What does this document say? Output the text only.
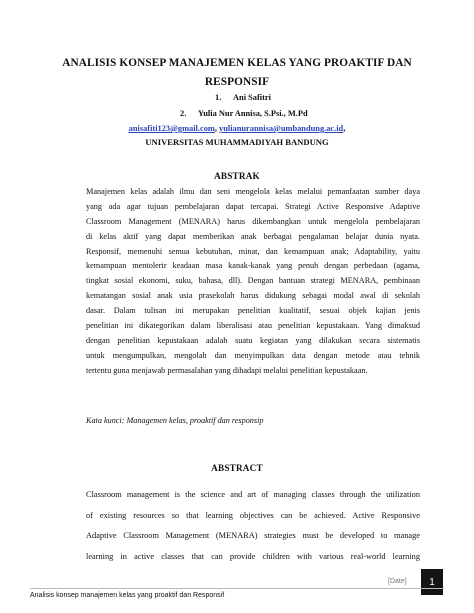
ANALISIS KONSEP MANAJEMEN KELAS YANG PROAKTIF DAN
RESPONSIF
1. Ani Safitri
2. Yulia Nur Annisa, S.Psi., M.Pd
anisafiti123@gmail.com, yulianurannisa@umbandung.ac.id,
UNIVERSITAS MUHAMMADIYAH BANDUNG
ABSTRAK
Manajemen kelas adalah ilmu dan seni mengelola kelas melalui pemanfaatan sumber daya
yang ada agar tujuan pembelajaran dapat tercapai. Strategi Active Responsive Adaptive
Classroom Management (MENARA) harus dikembangkan untuk mengelola pembelajaran
di kelas aktif yang dapat memberikan anak berbagai pengalaman belajar dunia nyata.
Responsif, memenuhi semua kebutuhan, minat, dan kemampuan anak; Adaptability, yaitu
kemampuan mentolerir keadaan masa kanak-kanak yang penuh dengan perbedaan (agama,
tingkat sosial ekonomi, suku, bahasa, dll). Dengan bantuan strategi MENARA, pembinaan
kematangan sosial anak usia prasekolah harus didukung sebagai modal awal di sekolah
dasar. Dalam tulisan ini merupakan penelitian kualitatif, sesuai objek kajian jenis
penelitian ini dikategorikan dalam liberalisasi atau penelitian kepustakaan. Yang dimaksud
dengan penelitian kepustakaan adalah suatu kegiatan yang dilakukan secara sistematis
untuk mengumpulkan, mengolah dan menyimpulkan data dengan metode atau tehnik
tertentu guna menjawab permasalahan yang dihadapi melalui penelitian kepustakaan.
Kata kunci: Managemen kelas, proaktif dan responsip
ABSTRACT
Classroom management is the science and art of managing classes through the utilization
of existing resources so that learning objectives can be achieved. Active Responsive
Adaptive Classroom Management (MENARA) strategies must be developed to manage
learning in active classes that can provide children with various real-world learning
[Date] 1
Analisis konsep manajemen kelas yang proaktif dan Responsif
